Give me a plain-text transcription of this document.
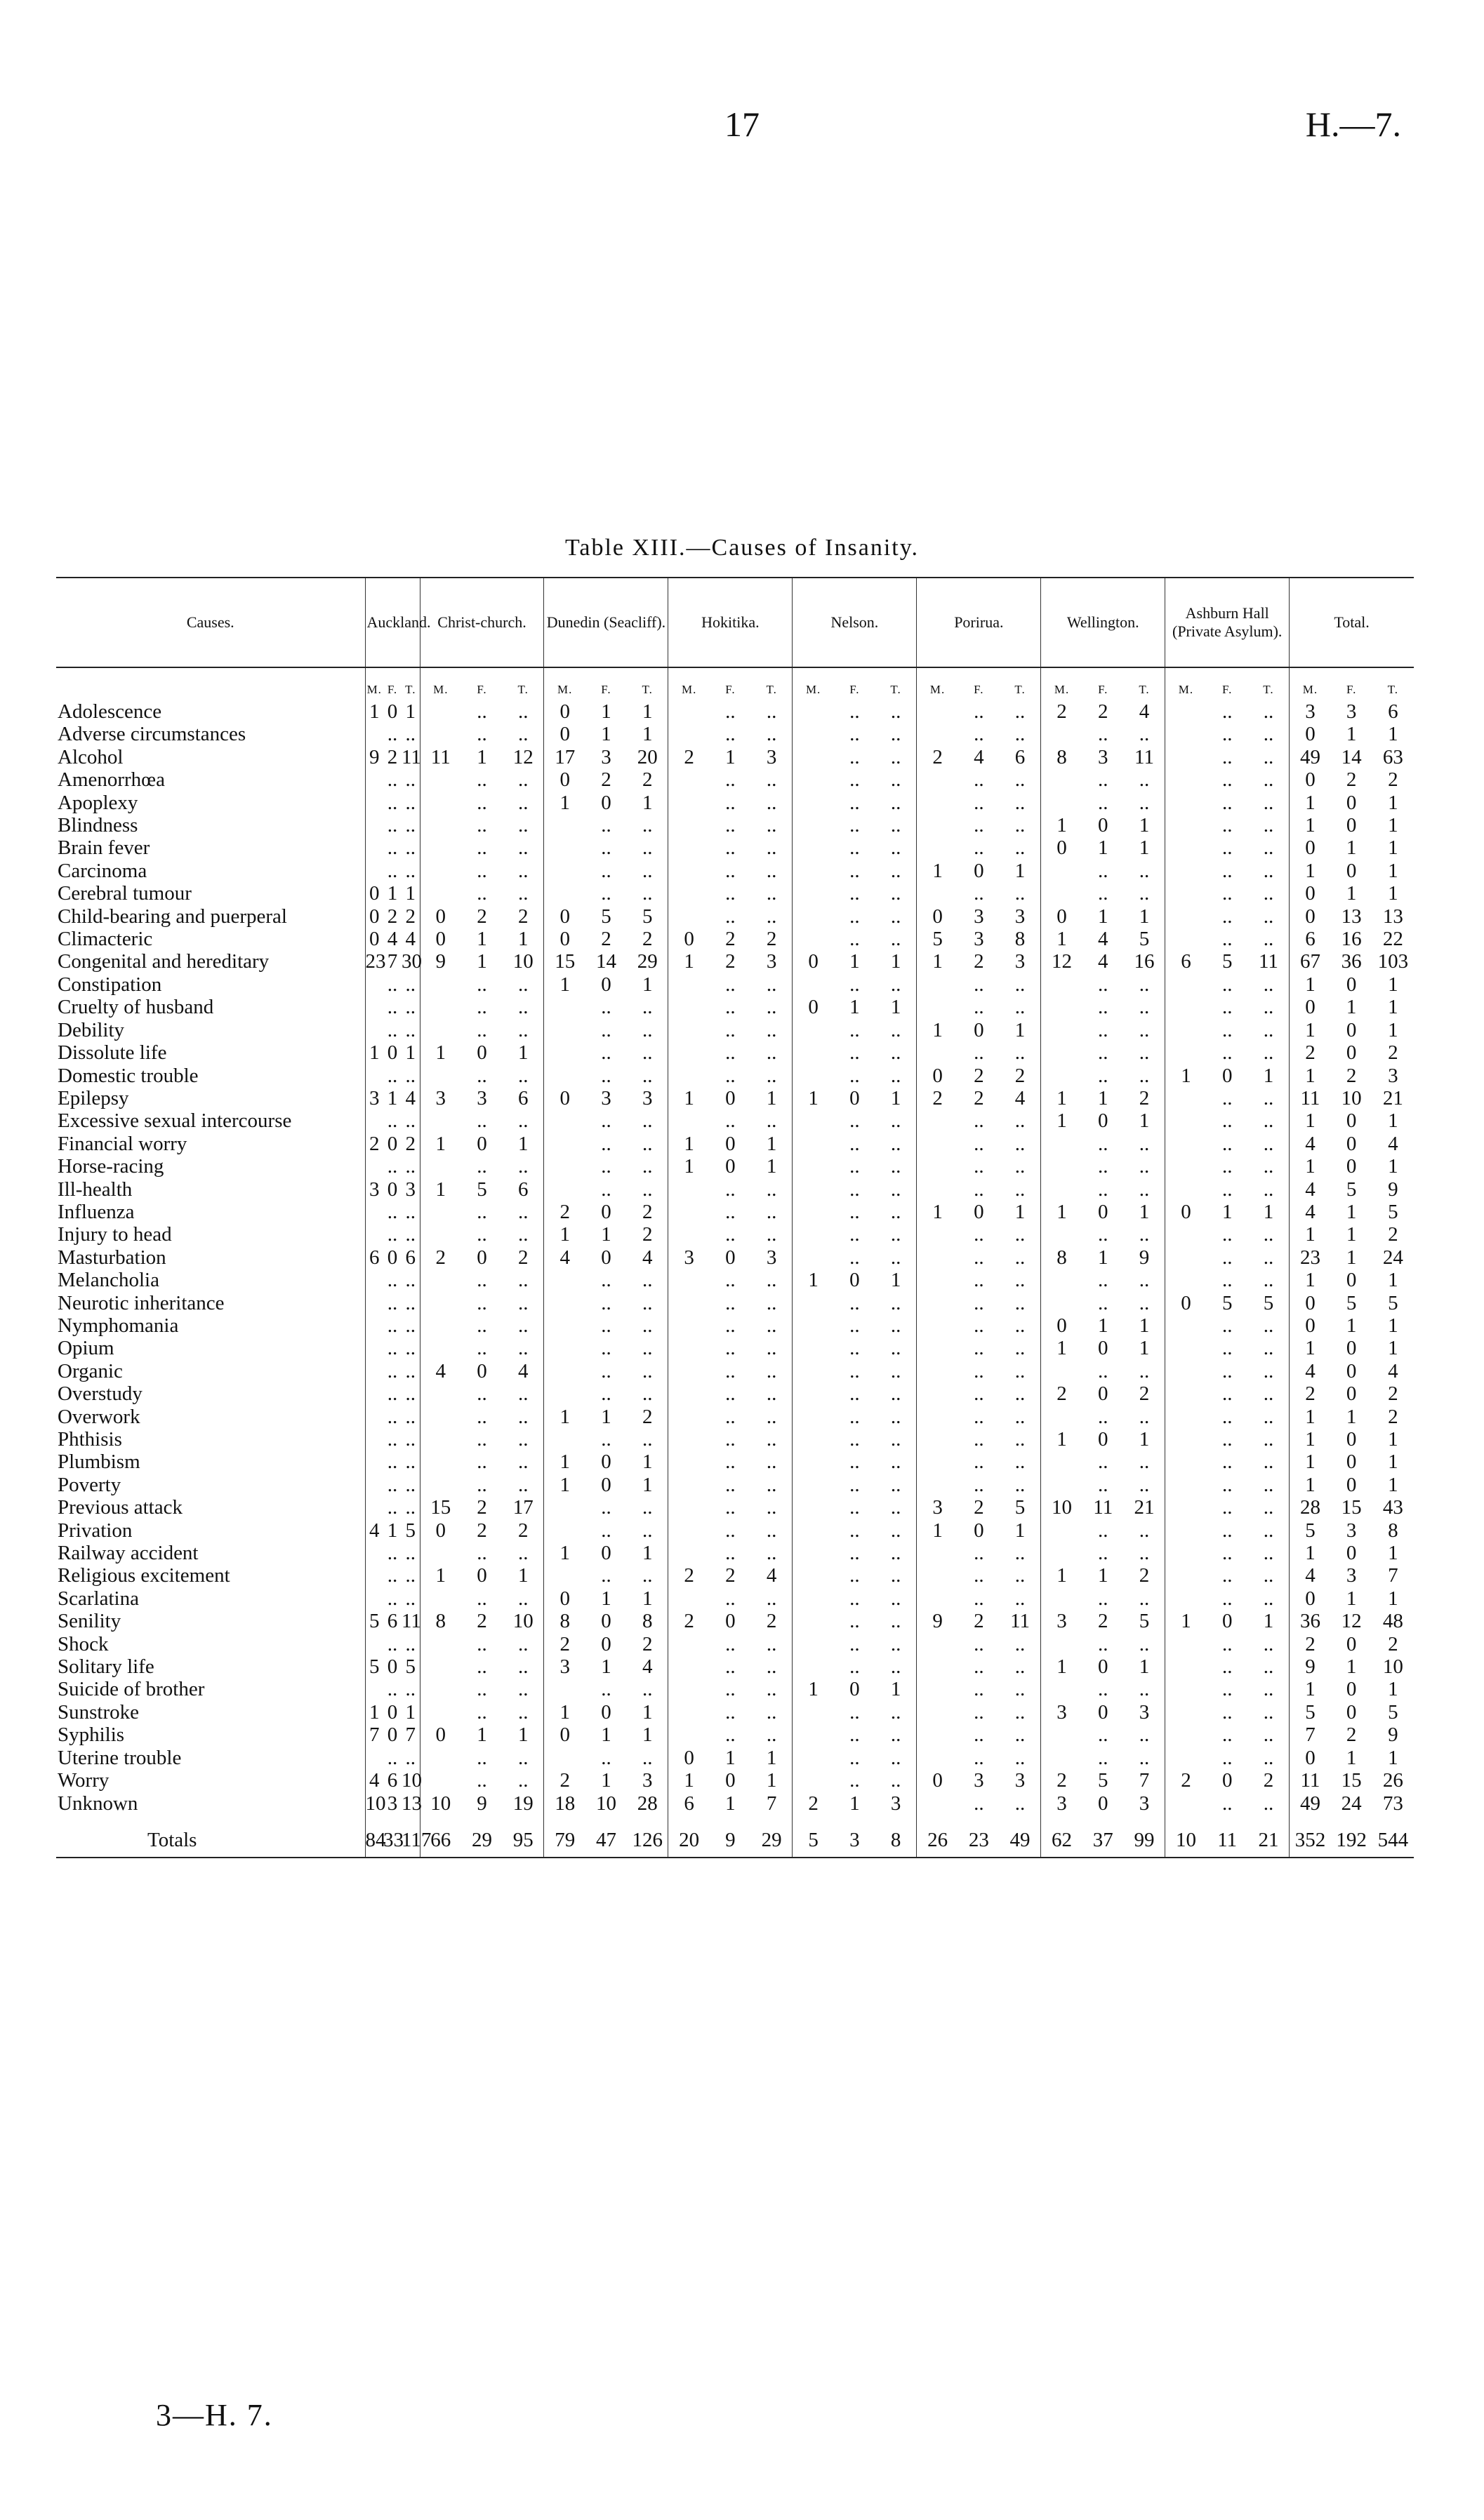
17	H.—7.
Table XIII.—Causes of Insanity.
Causes.	Auckland.			Christ-church.			Dunedin (Seacliff).			Hokitika.			Nelson.			Porirua.			Wellington.			Ashburn Hall (Private Asylum).			Total.		
	M.	F.	T.	M.	F.	T.	M.	F.	T.	M.	F.	T.	M.	F.	T.	M.	F.	T.	M.	F.	T.	M.	F.	T.	M.	F.	T.
Adolescence	1	0	1		..	..	0	1	1		..	..		..	..		..	..	2	2	4		..	..	3	3	6
Adverse circumstances		..	..		..	..	0	1	1		..	..		..	..		..	..		..	..		..	..	0	1	1
Alcohol	9	2	11	11	1	12	17	3	20	2	1	3		..	..	2	4	6	8	3	11		..	..	49	14	63
Amenorrhœa		..	..		..	..	0	2	2		..	..		..	..		..	..		..	..		..	..	0	2	2
Apoplexy		..	..		..	..	1	0	1		..	..		..	..		..	..		..	..		..	..	1	0	1
Blindness		..	..		..	..		..	..		..	..		..	..		..	..	1	0	1		..	..	1	0	1
Brain fever		..	..		..	..		..	..		..	..		..	..		..	..	0	1	1		..	..	0	1	1
Carcinoma		..	..		..	..		..	..		..	..		..	..	1	0	1		..	..		..	..	1	0	1
Cerebral tumour	0	1	1		..	..		..	..		..	..		..	..		..	..		..	..		..	..	0	1	1
Child-bearing and puerperal	0	2	2	0	2	2	0	5	5		..	..		..	..	0	3	3	0	1	1		..	..	0	13	13
Climacteric	0	4	4	0	1	1	0	2	2	0	2	2		..	..	5	3	8	1	4	5		..	..	6	16	22
Congenital and hereditary	23	7	30	9	1	10	15	14	29	1	2	3	0	1	1	1	2	3	12	4	16	6	5	11	67	36	103
Constipation		..	..		..	..	1	0	1		..	..		..	..		..	..		..	..		..	..	1	0	1
Cruelty of husband		..	..		..	..		..	..		..	..	0	1	1		..	..		..	..		..	..	0	1	1
Debility		..	..		..	..		..	..		..	..		..	..	1	0	1		..	..		..	..	1	0	1
Dissolute life	1	0	1	1	0	1		..	..		..	..		..	..		..	..		..	..		..	..	2	0	2
Domestic trouble		..	..		..	..		..	..		..	..		..	..	0	2	2		..	..	1	0	1	1	2	3
Epilepsy	3	1	4	3	3	6	0	3	3	1	0	1	1	0	1	2	2	4	1	1	2		..	..	11	10	21
Excessive sexual intercourse		..	..		..	..		..	..		..	..		..	..		..	..	1	0	1		..	..	1	0	1
Financial worry	2	0	2	1	0	1		..	..	1	0	1		..	..		..	..		..	..		..	..	4	0	4
Horse-racing		..	..		..	..		..	..	1	0	1		..	..		..	..		..	..		..	..	1	0	1
Ill-health	3	0	3	1	5	6		..	..		..	..		..	..		..	..		..	..		..	..	4	5	9
Influenza		..	..		..	..	2	0	2		..	..		..	..	1	0	1	1	0	1	0	1	1	4	1	5
Injury to head		..	..		..	..	1	1	2		..	..		..	..		..	..		..	..		..	..	1	1	2
Masturbation	6	0	6	2	0	2	4	0	4	3	0	3		..	..		..	..	8	1	9		..	..	23	1	24
Melancholia		..	..		..	..		..	..		..	..	1	0	1		..	..		..	..		..	..	1	0	1
Neurotic inheritance		..	..		..	..		..	..		..	..		..	..		..	..		..	..	0	5	5	0	5	5
Nymphomania		..	..		..	..		..	..		..	..		..	..		..	..	0	1	1		..	..	0	1	1
Opium		..	..		..	..		..	..		..	..		..	..		..	..	1	0	1		..	..	1	0	1
Organic		..	..	4	0	4		..	..		..	..		..	..		..	..		..	..		..	..	4	0	4
Overstudy		..	..		..	..		..	..		..	..		..	..		..	..	2	0	2		..	..	2	0	2
Overwork		..	..		..	..	1	1	2		..	..		..	..		..	..		..	..		..	..	1	1	2
Phthisis		..	..		..	..		..	..		..	..		..	..		..	..	1	0	1		..	..	1	0	1
Plumbism		..	..		..	..	1	0	1		..	..		..	..		..	..		..	..		..	..	1	0	1
Poverty		..	..		..	..	1	0	1		..	..		..	..		..	..		..	..		..	..	1	0	1
Previous attack		..	..	15	2	17		..	..		..	..		..	..	3	2	5	10	11	21		..	..	28	15	43
Privation	4	1	5	0	2	2		..	..		..	..		..	..	1	0	1		..	..		..	..	5	3	8
Railway accident		..	..		..	..	1	0	1		..	..		..	..		..	..		..	..		..	..	1	0	1
Religious excitement		..	..	1	0	1		..	..	2	2	4		..	..		..	..	1	1	2		..	..	4	3	7
Scarlatina		..	..		..	..	0	1	1		..	..		..	..		..	..		..	..		..	..	0	1	1
Senility	5	6	11	8	2	10	8	0	8	2	0	2		..	..	9	2	11	3	2	5	1	0	1	36	12	48
Shock		..	..		..	..	2	0	2		..	..		..	..		..	..		..	..		..	..	2	0	2
Solitary life	5	0	5		..	..	3	1	4		..	..		..	..		..	..	1	0	1		..	..	9	1	10
Suicide of brother		..	..		..	..		..	..		..	..	1	0	1		..	..		..	..		..	..	1	0	1
Sunstroke	1	0	1		..	..	1	0	1		..	..		..	..		..	..	3	0	3		..	..	5	0	5
Syphilis	7	0	7	0	1	1	0	1	1		..	..		..	..		..	..		..	..		..	..	7	2	9
Uterine trouble		..	..		..	..		..	..	0	1	1		..	..		..	..		..	..		..	..	0	1	1
Worry	4	6	10		..	..	2	1	3	1	0	1		..	..	0	3	3	2	5	7	2	0	2	11	15	26
Unknown	10	3	13	10	9	19	18	10	28	6	1	7	2	1	3		..	..	3	0	3		..	..	49	24	73
Totals	84	33	117	66	29	95	79	47	126	20	9	29	5	3	8	26	23	49	62	37	99	10	11	21	352	192	544
3—H. 7.
